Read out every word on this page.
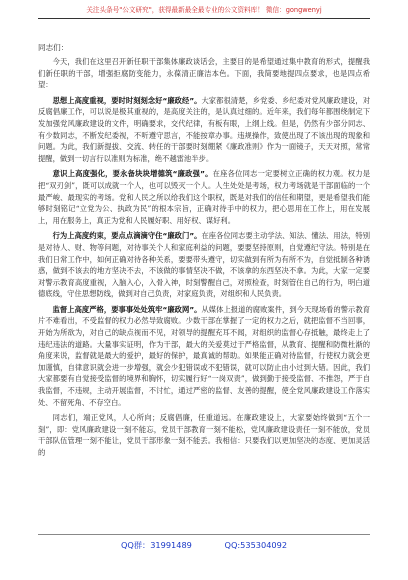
关注头条号"公文研究"，获得最新最全最专业的公文资料库！ 微信：gongwenyj
同志们：

今天，我们在这里召开新任职干部集体廉政谈话会，主要目的是希望通过集中教育的形式，提醒我们新任职的干部，增强拒腐防变能力，永葆清正廉洁本色。下面，我简要地提四点要求，也是四点希望：

思想上高度重视，要时时刻刻念好“廉政经”。大家都很清楚，乡党委、乡纪委对党风廉政建设，对反腐倡廉工作，可以说是极其重视的，是高度关注的，是认真过细的。近年来，我们每年都围绕制定下发加强党风廉政建设的文件，明确要求，交代纪律，有板有眼，上纲上线。但是，仍然有少部分同志、有少数同志，不断发纪委视，不听遵守思言，不能按章办事。违规操作，致使出现了不该出现的现象和问题。为此，我们新提拔、交流、转任的干部要时刻绷紧《廉政准则》作为一面镜子，天天对照，常常提醒，做到一切言行以准则为标准，绝不越雷池半步。

意识上高度强化，要永备块块增德筑“廉政强”。在座各位同志一定要树立正确的权力观。权力是把“双刃剑”，既可以成就一个人，也可以毁灭一个人。人生处处是考场，权力考场就是干部面临的一个最严峻、最现实的考场。党和人民之所以给我们这个职权，既是对我们的信任和期望，更是希望我们能够时刻铭记“立党为公、执政为民”的根本宗旨，正确对待手中的权力，把心思用在工作上，用在发展上，用在服务上，真正为党和人民履好职、用好权、谋好利。

行为上高度约束，要点点滴滴守住“廉政门”。在座各位同志要主动学法、知法、懂法、用法，特别是对待人、财、物等问题，对待事关个人和家庭利益的问题，要要坚持原则，自觉遵纪守法。特别是在我们日常工作中，如何正确对待各种关系，要要带头遵守，切实做到有所为有所不为，自觉抵制各种诱惑，做到不该去的地方坚决不去，不该做的事情坚决不做，不该拿的东西坚决不拿。为此，大家一定要对警示教育高度重视，入脑入心，入骨入神，时刻警醒自己，对照检查，时刻管住自己的行为，明白道德底线，守住思想防线，做到对自己负责，对家庭负责，对组织和人民负责。

监督上高度严格，要事事处处筑牢“廉政网”。从媒体上报道的腐败案件，到今天现场看的警示教育片不难看出，不受监督的权力必然导致腐败。少数干部在掌握了一定的权力之后，就把监督不当回事，开始为所欲为，对自己的缺点视而不见，对领导的提醒充耳不闻，对组织的监督心存抵触，最终走上了违纪违法的道路。大量事实证明，作为干部，最大的关爱莫过于严格监督，从教育、提醒和防微杜渐的角度来说，监督就是最大的爱护，最好的保护，最真诚的帮助。如果能正确对待监督，行使权力就会更加谨慎，自律意识就会进一步增强，就会少犯错误或不犯错误，就可以防止由小过到大错。因此，我们大家都要有自觉接受监督的境界和胸怀，切实履行好“一岗双责”，做到勤于接受监督、不推怨，严于自我监督，不违规，主动开展监督，不讨忙，通过严密的监督、友善的提醒，使全党风廉政建设工作落实处、不留死角、不存空白。

同志们，端正党风，人心所向；反腐倡廉，任重道远。在廉政建设上，大家要始终做到“五个一刻”，即：党风廉政建设一刻不能忘，党员干部教育一刻不能松，党风廉政建设责任一刻不能放，党员干部队伍管理一刻不能让，党员干部形象一刻不能丢。我相信：只要我们以更加坚决的态度、更加灵活的

QQ群：31991489	QQ:535304092
